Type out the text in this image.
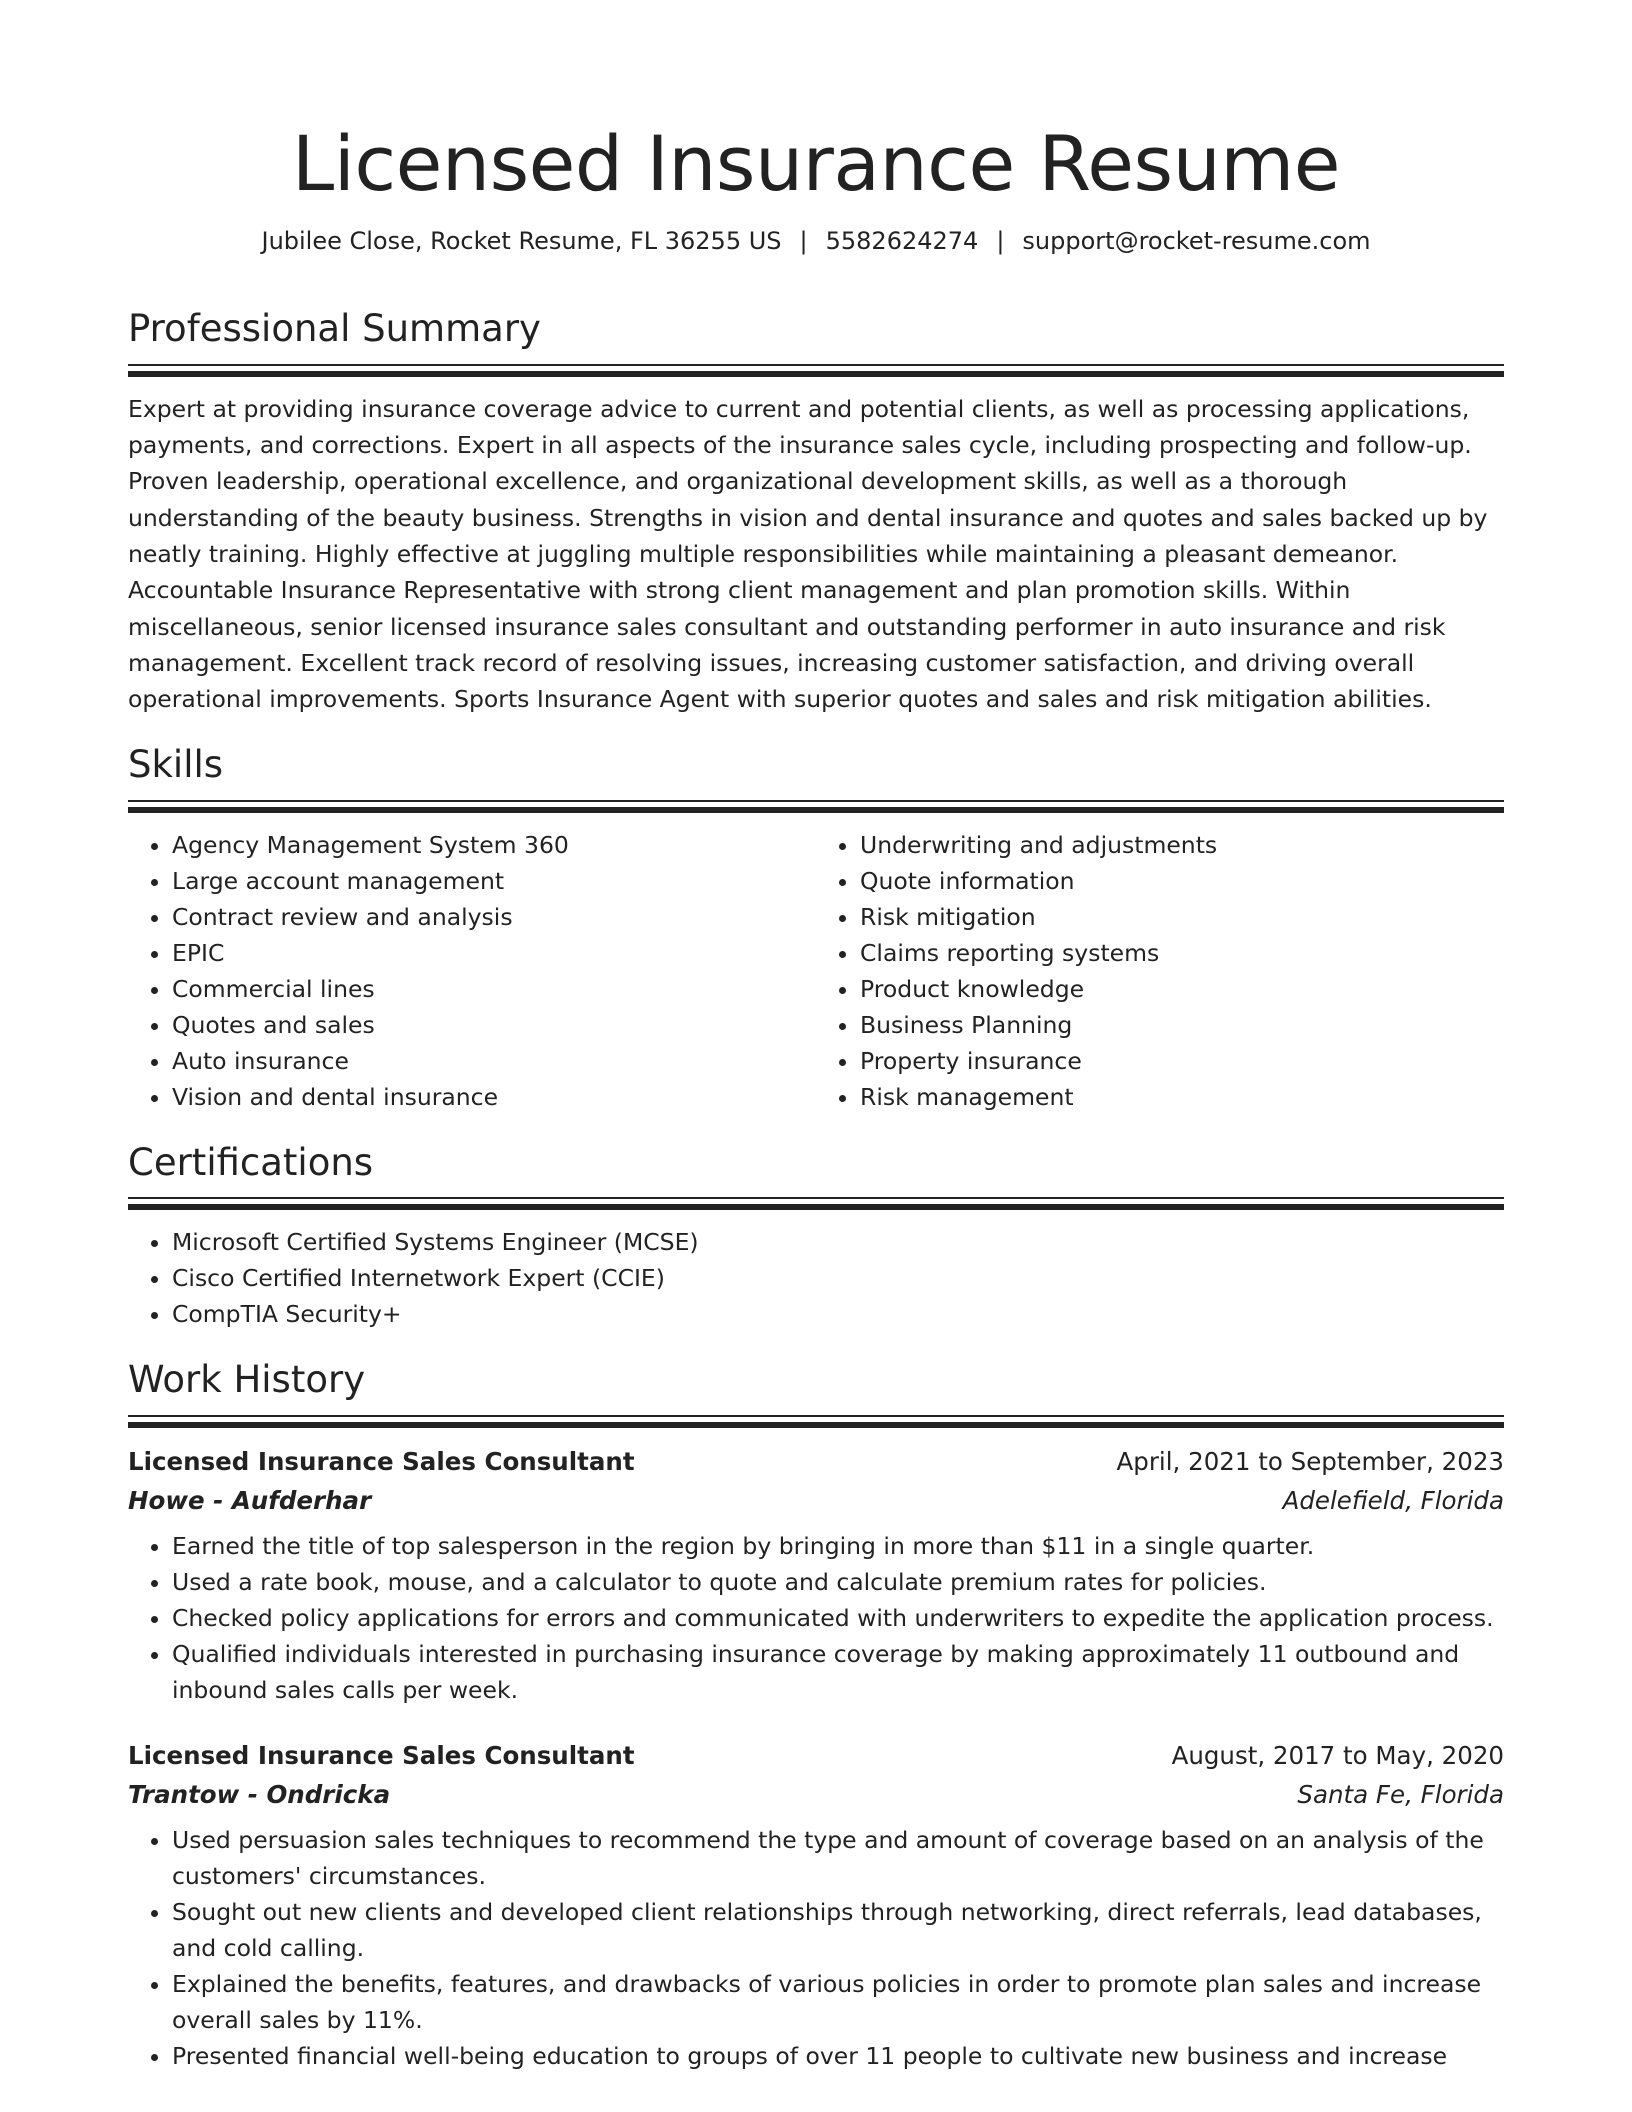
Licensed Insurance Resume
Jubilee Close, Rocket Resume, FL 36255 US | 5582624274 | support@rocket-resume.com
Professional Summary

Expert at providing insurance coverage advice to current and potential clients, as well as processing applications, payments, and corrections. Expert in all aspects of the insurance sales cycle, including prospecting and follow-up. Proven leadership, operational excellence, and organizational development skills, as well as a thorough understanding of the beauty business. Strengths in vision and dental insurance and quotes and sales backed up by neatly training. Highly effective at juggling multiple responsibilities while maintaining a pleasant demeanor. Accountable Insurance Representative with strong client management and plan promotion skills. Within miscellaneous, senior licensed insurance sales consultant and outstanding performer in auto insurance and risk management. Excellent track record of resolving issues, increasing customer satisfaction, and driving overall operational improvements. Sports Insurance Agent with superior quotes and sales and risk mitigation abilities.

Skills
• Agency Management System 360
• Large account management
• Contract review and analysis
• EPIC
• Commercial lines
• Quotes and sales
• Auto insurance
• Vision and dental insurance
• Underwriting and adjustments
• Quote information
• Risk mitigation
• Claims reporting systems
• Product knowledge
• Business Planning
• Property insurance
• Risk management
Certifications
• Microsoft Certified Systems Engineer (MCSE)
• Cisco Certified Internetwork Expert (CCIE)
• CompTIA Security+
Work History
Licensed Insurance Sales Consultant	April, 2021 to September, 2023
Howe - Aufderhar	Adelefield, Florida
• Earned the title of top salesperson in the region by bringing in more than $11 in a single quarter.
• Used a rate book, mouse, and a calculator to quote and calculate premium rates for policies.
• Checked policy applications for errors and communicated with underwriters to expedite the application process.
• Qualified individuals interested in purchasing insurance coverage by making approximately 11 outbound and inbound sales calls per week.
Licensed Insurance Sales Consultant	August, 2017 to May, 2020
Trantow - Ondricka	Santa Fe, Florida
• Used persuasion sales techniques to recommend the type and amount of coverage based on an analysis of the customers' circumstances.
• Sought out new clients and developed client relationships through networking, direct referrals, lead databases, and cold calling.
• Explained the benefits, features, and drawbacks of various policies in order to promote plan sales and increase overall sales by 11%.
• Presented financial well-being education to groups of over 11 people to cultivate new business and increase
